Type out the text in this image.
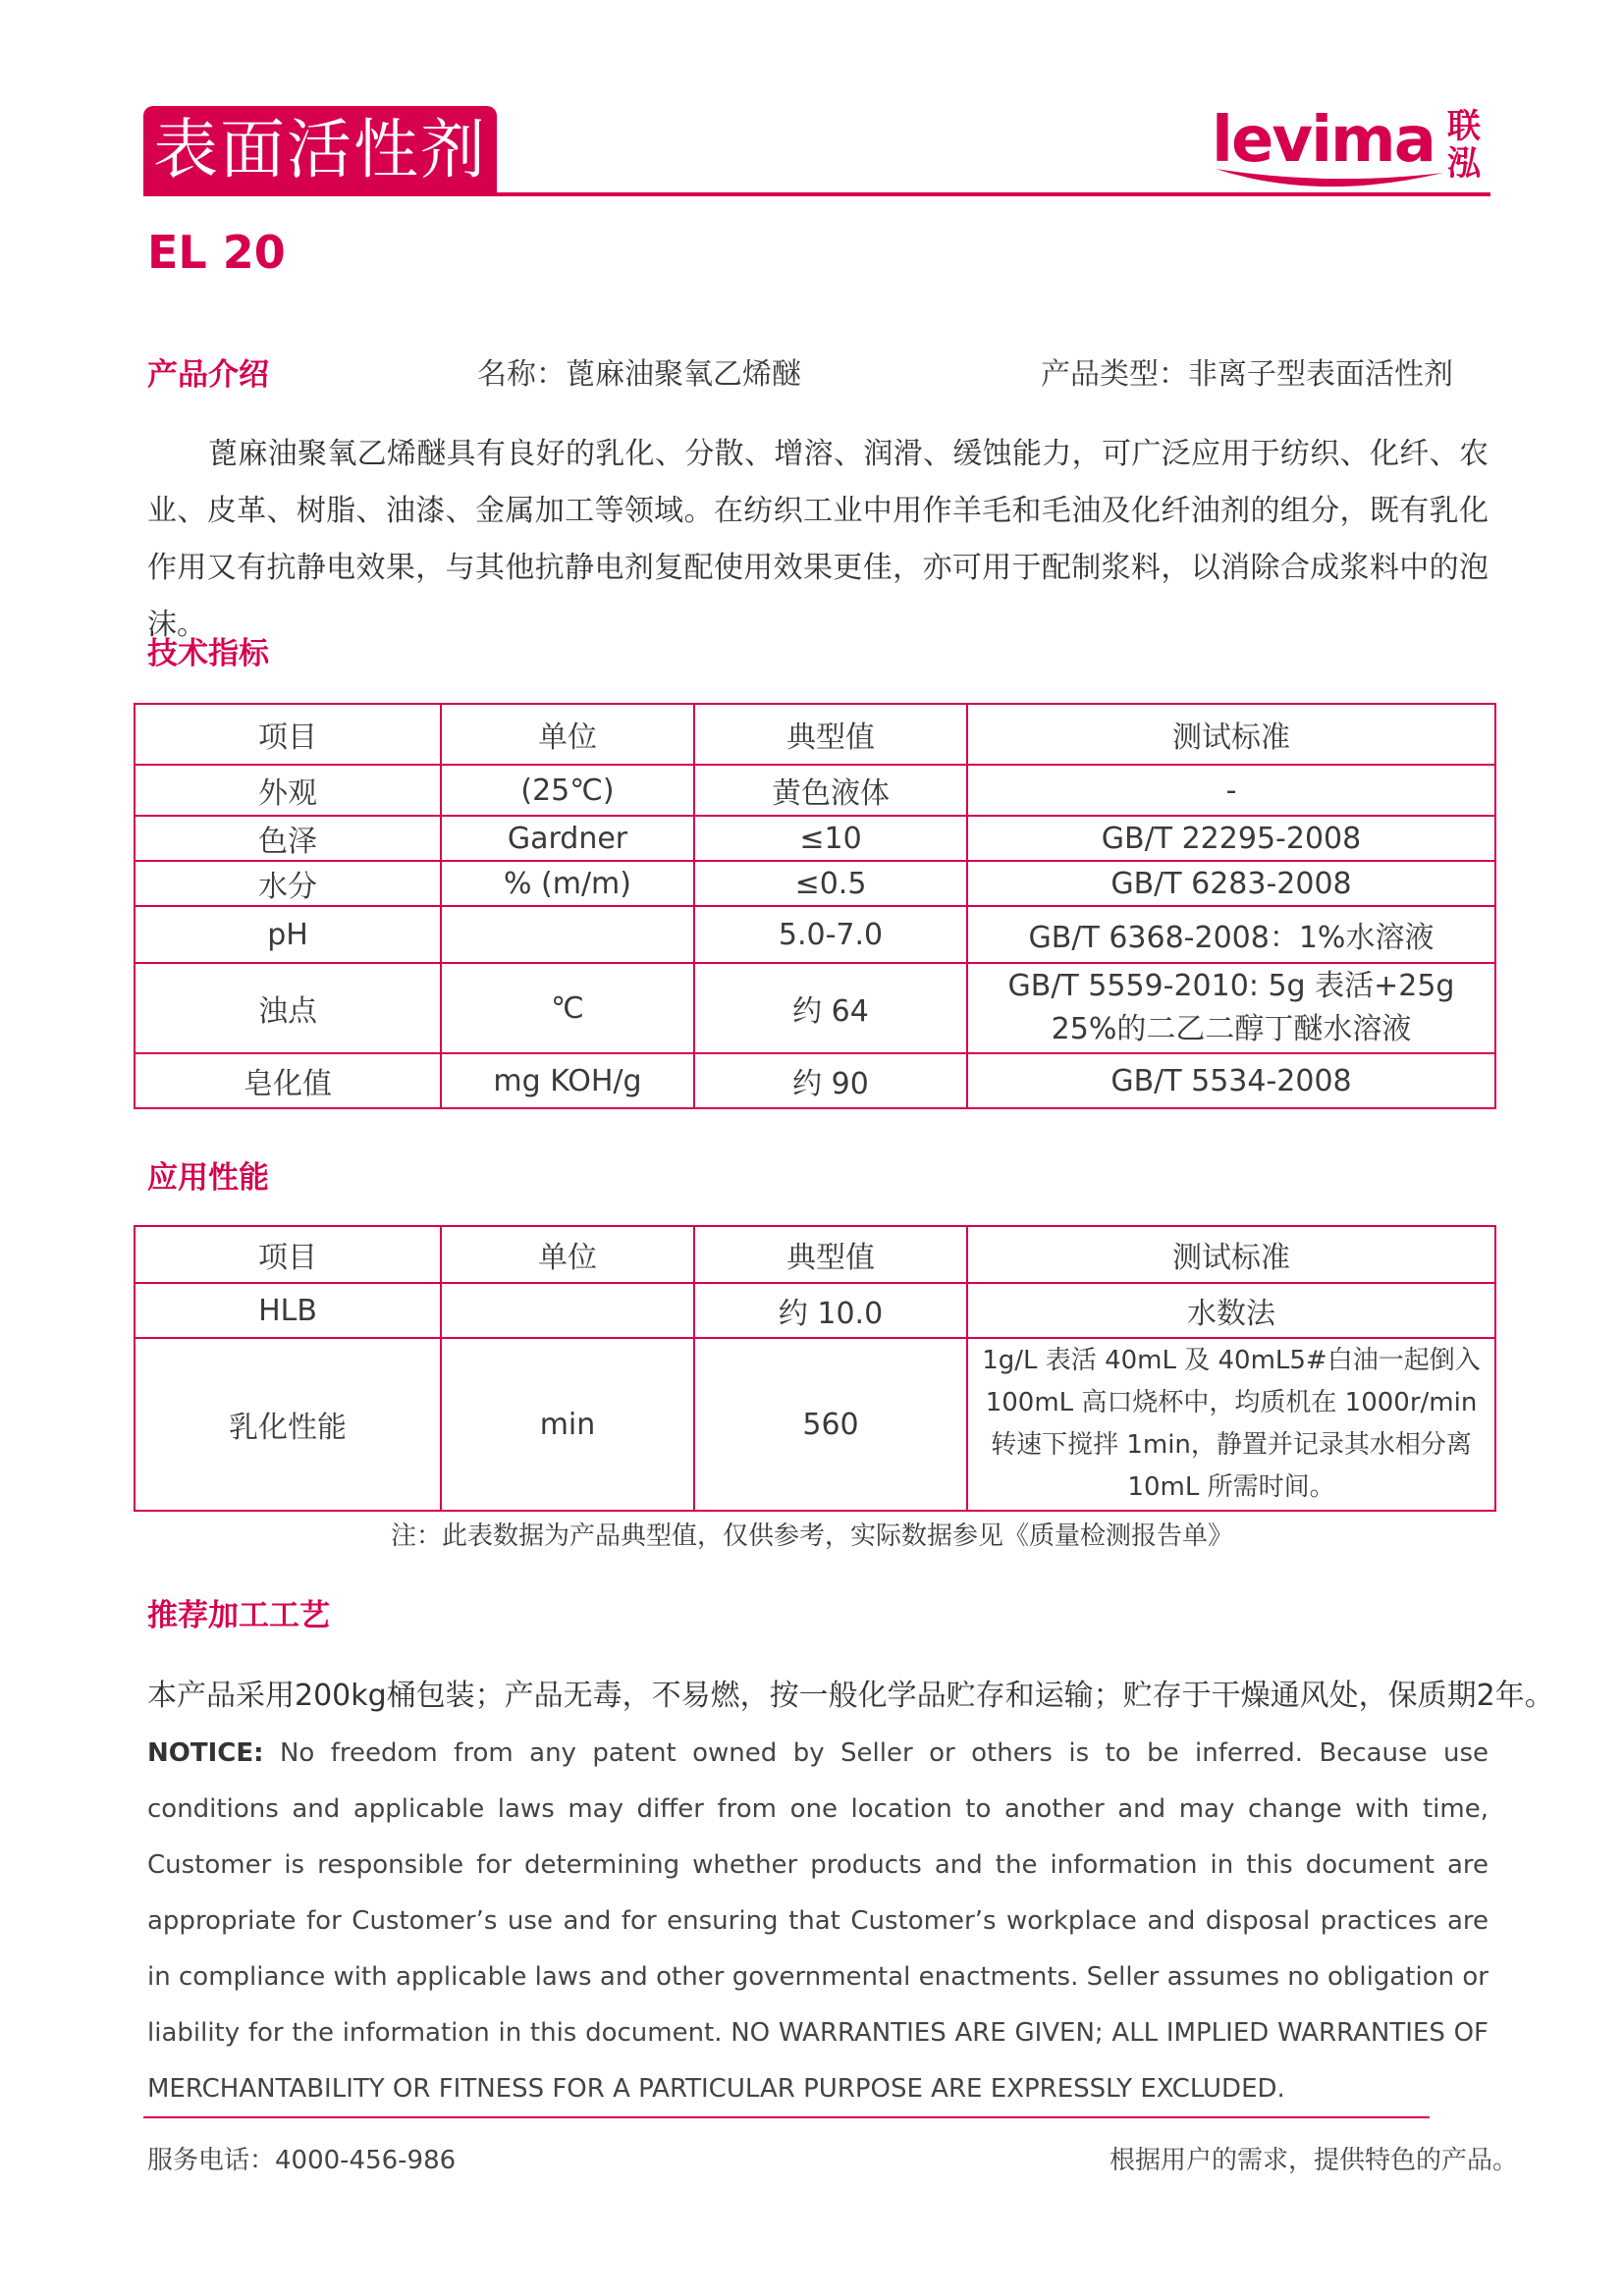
表面活性剂	levima 联
泓
EL 20
产品介绍	名称：蓖麻油聚氧乙烯醚	产品类型：非离子型表面活性剂
蓖麻油聚氧乙烯醚具有良好的乳化、分散、增溶、润滑、缓蚀能力，可广泛应用于纺织、化纤、农业、皮革、树脂、油漆、金属加工等领域。在纺织工业中用作羊毛和毛油及化纤油剂的组分，既有乳化作用又有抗静电效果，与其他抗静电剂复配使用效果更佳，亦可用于配制浆料，以消除合成浆料中的泡沫。
技术指标
项目	单位	典型值	测试标准
外观	(25℃)	黄色液体	-
色泽	Gardner	≤10	GB/T 22295-2008
水分	% (m/m)	≤0.5	GB/T 6283-2008
pH		5.0-7.0	GB/T 6368-2008：1%水溶液
浊点	℃	约 64	GB/T 5559-2010: 5g 表活+25g 25%的二乙二醇丁醚水溶液
皂化值	mg KOH/g	约 90	GB/T 5534-2008
应用性能
项目	单位	典型值	测试标准
HLB		约 10.0	水数法
乳化性能	min	560	1g/L 表活 40mL 及 40mL5#白油一起倒入100mL 高口烧杯中，均质机在 1000r/min 转速下搅拌 1min，静置并记录其水相分离 10mL 所需时间。
注：此表数据为产品典型值，仅供参考，实际数据参见《质量检测报告单》
推荐加工工艺
本产品采用200kg桶包装；产品无毒，不易燃，按一般化学品贮存和运输；贮存于干燥通风处，保质期2年。
NOTICE: No freedom from any patent owned by Seller or others is to be inferred. Because use conditions and applicable laws may differ from one location to another and may change with time, Customer is responsible for determining whether products and the information in this document are appropriate for Customer’s use and for ensuring that Customer’s workplace and disposal practices are in compliance with applicable laws and other governmental enactments. Seller assumes no obligation or liability for the information in this document. NO WARRANTIES ARE GIVEN; ALL IMPLIED WARRANTIES OF MERCHANTABILITY OR FITNESS FOR A PARTICULAR PURPOSE ARE EXPRESSLY EXCLUDED.
服务电话：4000-456-986	根据用户的需求，提供特色的产品。
